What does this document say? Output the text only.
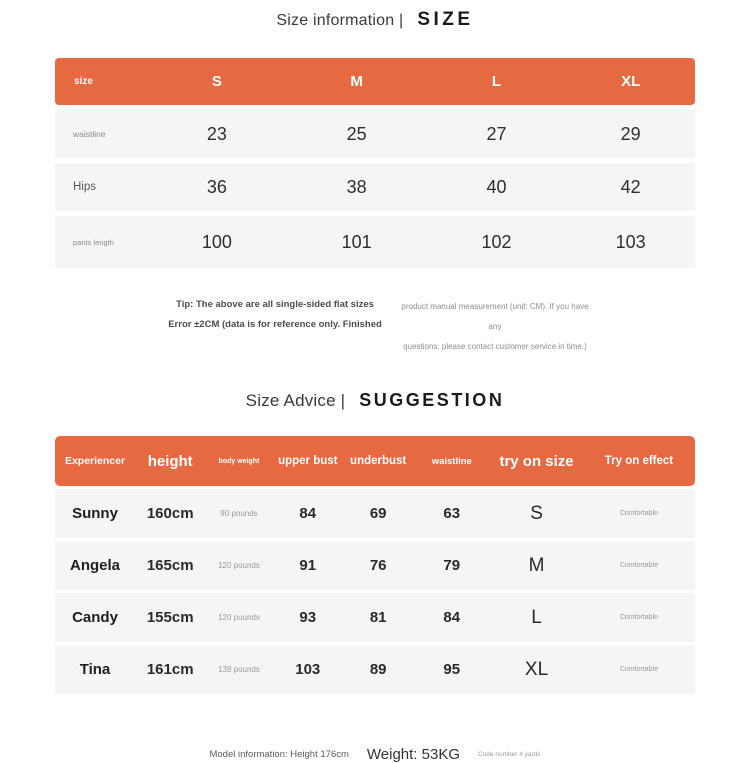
Size information | SIZE
size	S	M	L	XL
waistline	23	25	27	29
Hips	36	38	40	42
pants length	100	101	102	103
Tip: The above are all single-sided flat sizes
Error ±2CM (data is for reference only. Finished
product manual measurement (unit: CM). If you have any
questions, please contact customer service in time.)
Size Advice | SUGGESTION
Experiencer	height	body weight	upper bust	underbust	waistline	try on size	Try on effect
Sunny	160cm	90 pounds	84	69	63	S	Comfortable
Angela	165cm	120 pounds	91	76	79	M	Comfortable
Candy	155cm	120 pounds	93	81	84	L	Comfortable
Tina	161cm	138 pounds	103	89	95	XL	Comfortable
Model information: Height 176cm Weight: 53KG	Code number 4 yards
